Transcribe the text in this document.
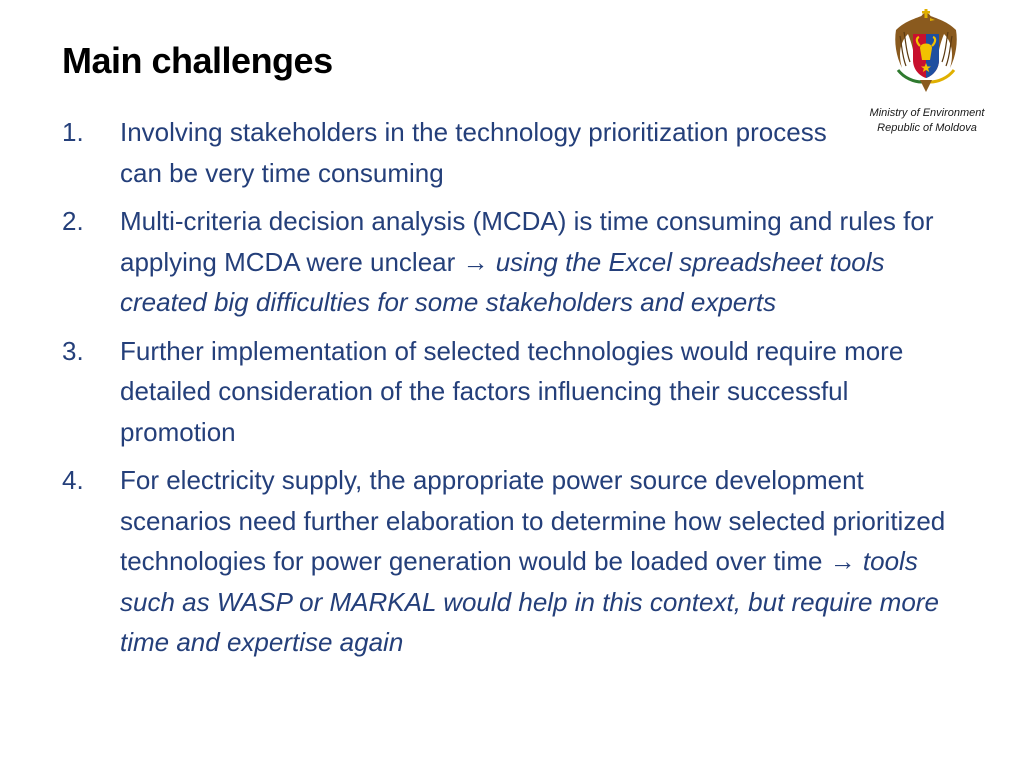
Main challenges
Ministry of Environment
Republic of Moldova
1. Involving stakeholders in the technology prioritization process can be very time consuming
2. Multi-criteria decision analysis (MCDA) is time consuming and rules for applying MCDA were unclear → using the Excel spreadsheet tools created big difficulties for some stakeholders and experts
3. Further implementation of selected technologies would require more detailed consideration of the factors influencing their successful promotion
4. For electricity supply, the appropriate power source development scenarios need further elaboration to determine how selected prioritized technologies for power generation would be loaded over time → tools such as WASP or MARKAL would help in this context, but require more time and expertise again
